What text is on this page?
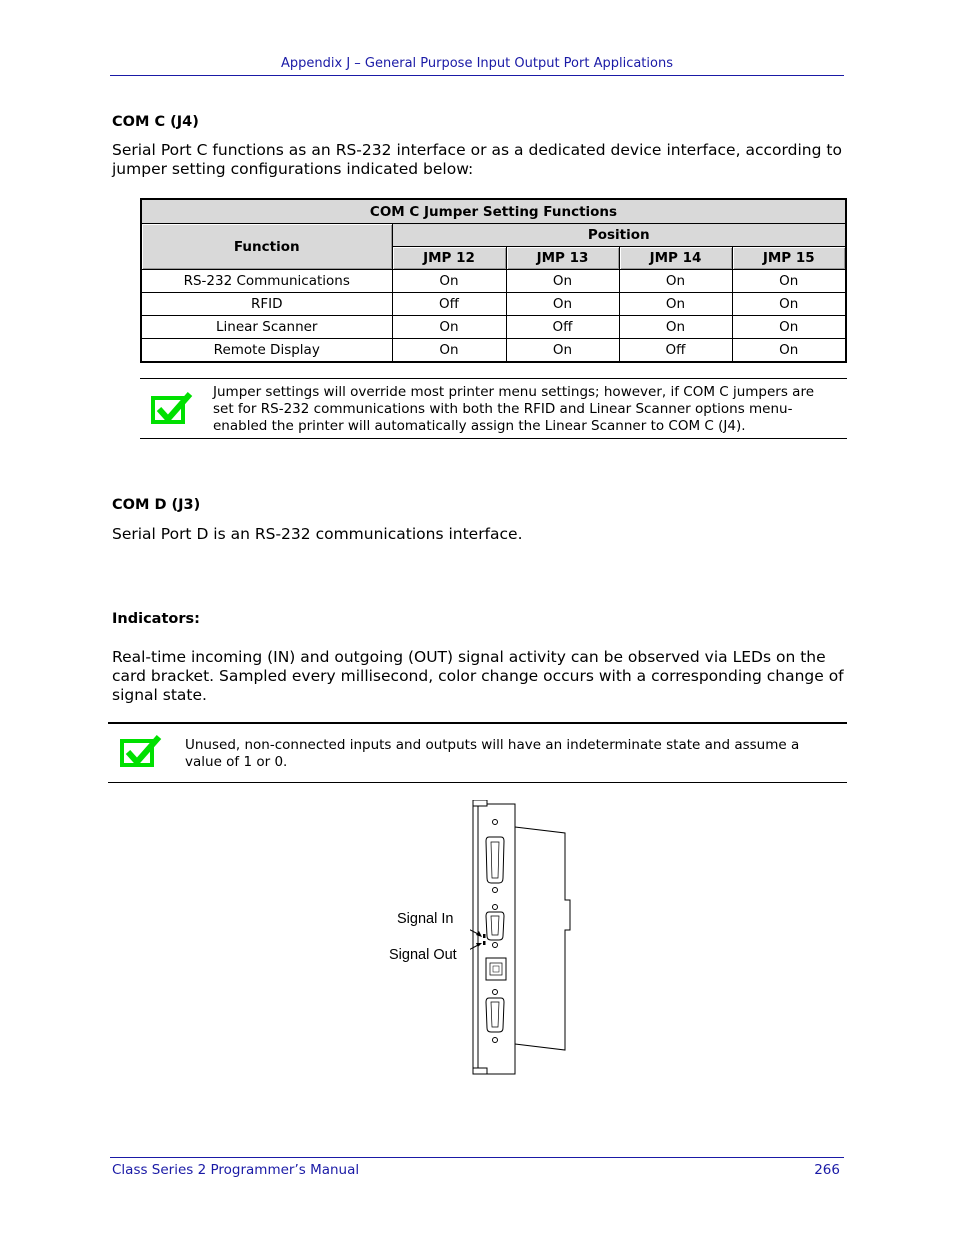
Appendix J – General Purpose Input Output Port Applications
COM C (J4)
Serial Port C functions as an RS-232 interface or as a dedicated device interface, according to jumper setting configurations indicated below:
COM C Jumper Setting Functions				
Function	Position			
	JMP 12	JMP 13	JMP 14	JMP 15
RS-232 Communications	On	On	On	On
RFID	Off	On	On	On
Linear Scanner	On	Off	On	On
Remote Display	On	On	Off	On
Jumper settings will override most printer menu settings; however, if COM C jumpers are set for RS-232 communications with both the RFID and Linear Scanner options menu-enabled the printer will automatically assign the Linear Scanner to COM C (J4).
COM D (J3)
Serial Port D is an RS-232 communications interface.
Indicators:
Real-time incoming (IN) and outgoing (OUT) signal activity can be observed via LEDs on the card bracket. Sampled every millisecond, color change occurs with a corresponding change of signal state.
Unused, non-connected inputs and outputs will have an indeterminate state and assume a value of 1 or 0.
Signal In
Signal Out
Class Series 2 Programmer’s Manual	266
